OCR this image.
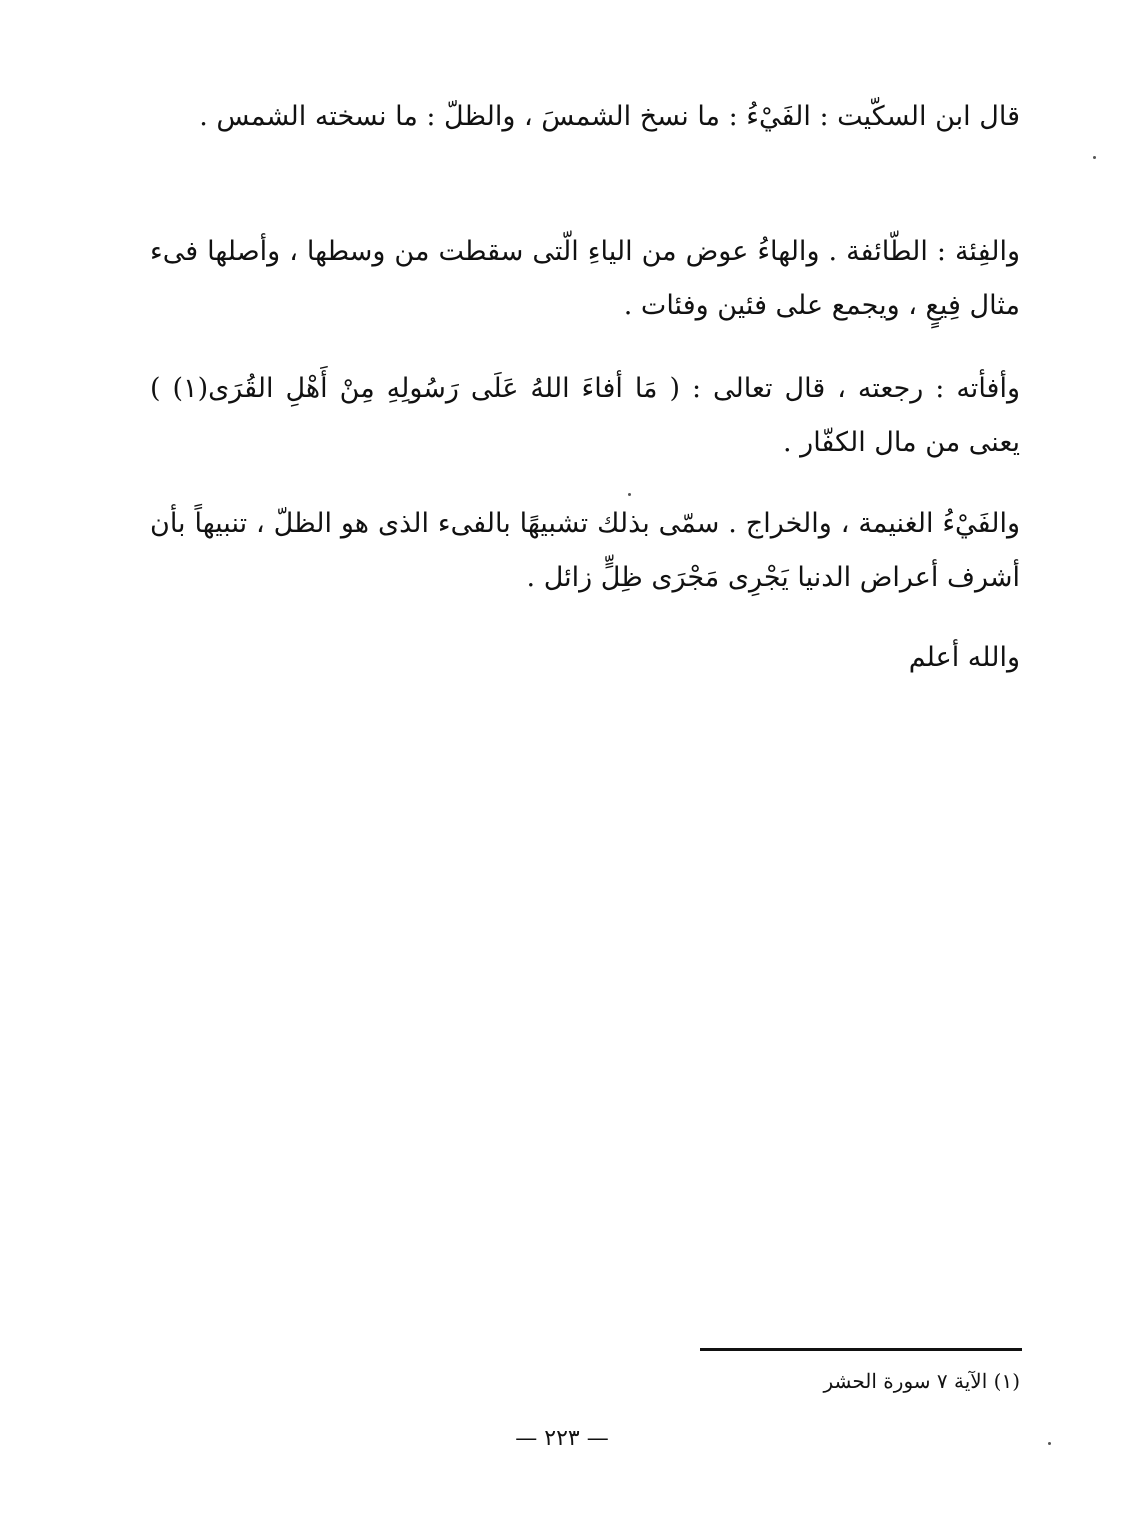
قال ابن السكّيت : الفَيْءُ : ما نسخ الشمسَ ، والظلّ : ما نسخته الشمس .

والفِئة : الطّائفة . والهاءُ عوض من الياءِ الّتى سقطت من وسطها ، وأصلها فىء مثال فِيعٍ ، ويجمع على فئين وفئات .

وأفأته : رجعته ، قال تعالى : ( مَا أفاءَ اللهُ عَلَى رَسُولِهِ مِنْ أَهْلِ القُرَى(١) ) يعنى من مال الكفّار .

والفَيْءُ الغنيمة ، والخراج . سمّى بذلك تشبيهًا بالفىء الذى هو الظلّ ، تنبيهاً بأن أشرف أعراض الدنيا يَجْرِى مَجْرَى ظِلٍّ زائل .

والله أعلم

(١) الآية ٧ سورة الحشر
— ٢٢٣ —
